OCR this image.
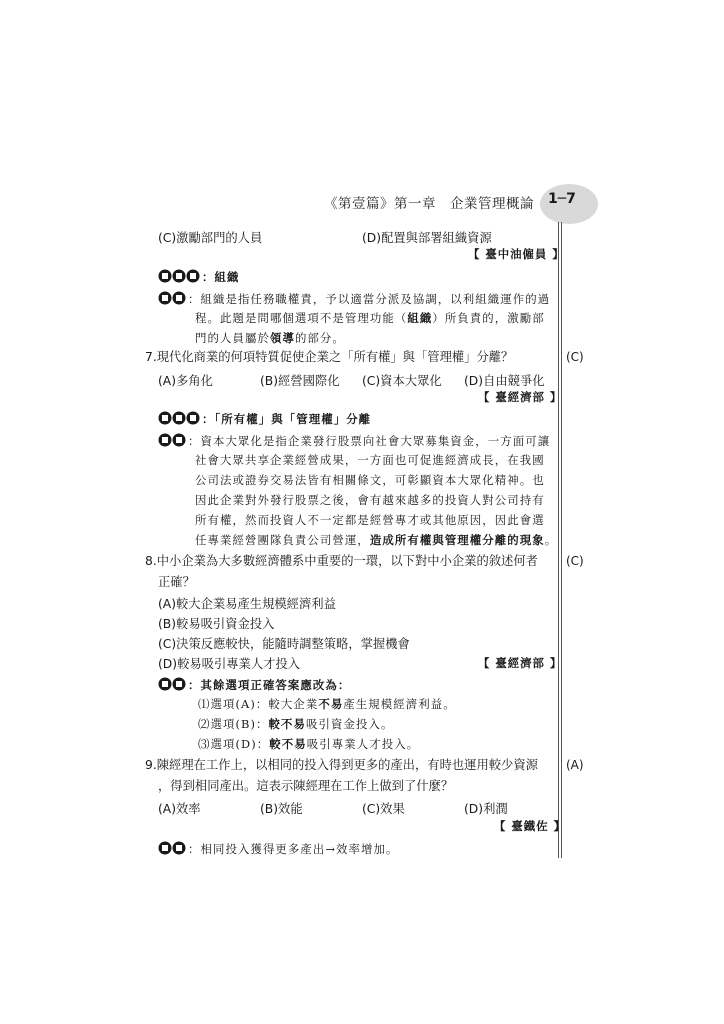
《第壹篇》第一章　企業管理概論 1─7
(C)激勵部門的人員	(D)配置與部署組織資源
【 臺中油僱員 】
：組織
：組織是指任務職權責，予以適當分派及協調，以利組織運作的過
程。此題是問哪個選項不是管理功能（組織）所負責的，激勵部
門的人員屬於領導的部分。
7.現代化商業的何項特質促使企業之「所有權」與「管理權」分離？	(C)
(A)多角化	(B)經營國際化 (C)資本大眾化 (D)自由競爭化
【 臺經濟部 】
：「所有權」與「管理權」分離
：資本大眾化是指企業發行股票向社會大眾募集資金，一方面可讓
社會大眾共享企業經營成果，一方面也可促進經濟成長，在我國
公司法或證券交易法皆有相關條文，可彰顯資本大眾化精神。也
因此企業對外發行股票之後，會有越來越多的投資人對公司持有
所有權，然而投資人不一定都是經營專才或其他原因，因此會選
任專業經營團隊負責公司營運，造成所有權與管理權分離的現象。
8.中小企業為大多數經濟體系中重要的一環，以下對中小企業的敘述何者 (C)
正確？
(A)較大企業易產生規模經濟利益
(B)較易吸引資金投入
(C)決策反應較快，能隨時調整策略，掌握機會
(D)較易吸引專業人才投入	【 臺經濟部 】
：其餘選項正確答案應改為：
⑴選項(A)：較大企業不易產生規模經濟利益。
⑵選項(B)：較不易吸引資金投入。
⑶選項(D)：較不易吸引專業人才投入。
9.陳經理在工作上，以相同的投入得到更多的產出，有時也運用較少資源 (A)
，得到相同產出。這表示陳經理在工作上做到了什麼？
(A)效率	(B)效能	(C)效果	(D)利潤
【 臺鐵佐 】
：相同投入獲得更多產出→效率增加。
